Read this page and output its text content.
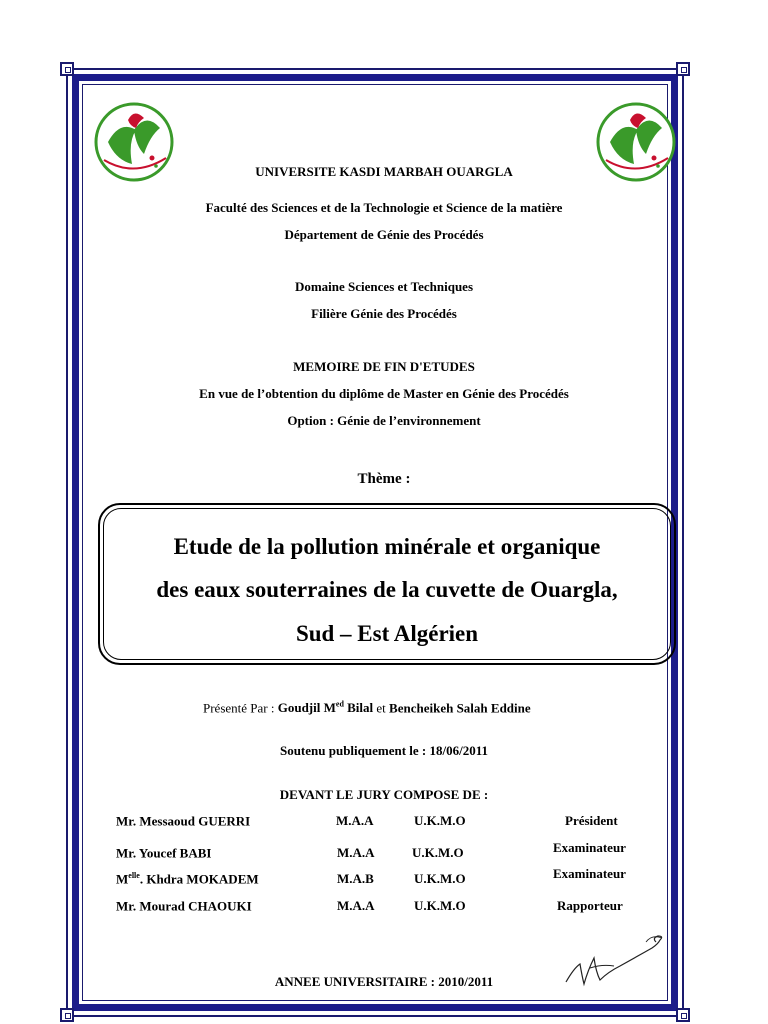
UNIVERSITE KASDI MARBAH OUARGLA
Faculté des Sciences et de la Technologie et Science de la matière
Département de Génie des Procédés
Domaine Sciences et Techniques
Filière Génie des Procédés
MEMOIRE DE FIN D'ETUDES
En vue de l’obtention du diplôme de Master en Génie des Procédés
Option : Génie de l’environnement
Thème :
Etude de la pollution minérale et organique
des eaux souterraines de la cuvette de Ouargla,
Sud – Est Algérien
Présenté Par : Goudjil $M^{ed}$ Bilal et Bencheikeh Salah Eddine
Soutenu publiquement le : 18/06/2011
DEVANT LE JURY COMPOSE DE :
Mr. Messaoud GUERRI	M.A.A	U.K.M.O	Président
Mr. Youcef BABI	M.A.A	U.K.M.O	Examinateur
$M^{elle}$. Khdra MOKADEM	M.A.B	U.K.M.O	Examinateur
Mr. Mourad CHAOUKI	M.A.A	U.K.M.O	Rapporteur
ANNEE UNIVERSITAIRE : 2010/2011
